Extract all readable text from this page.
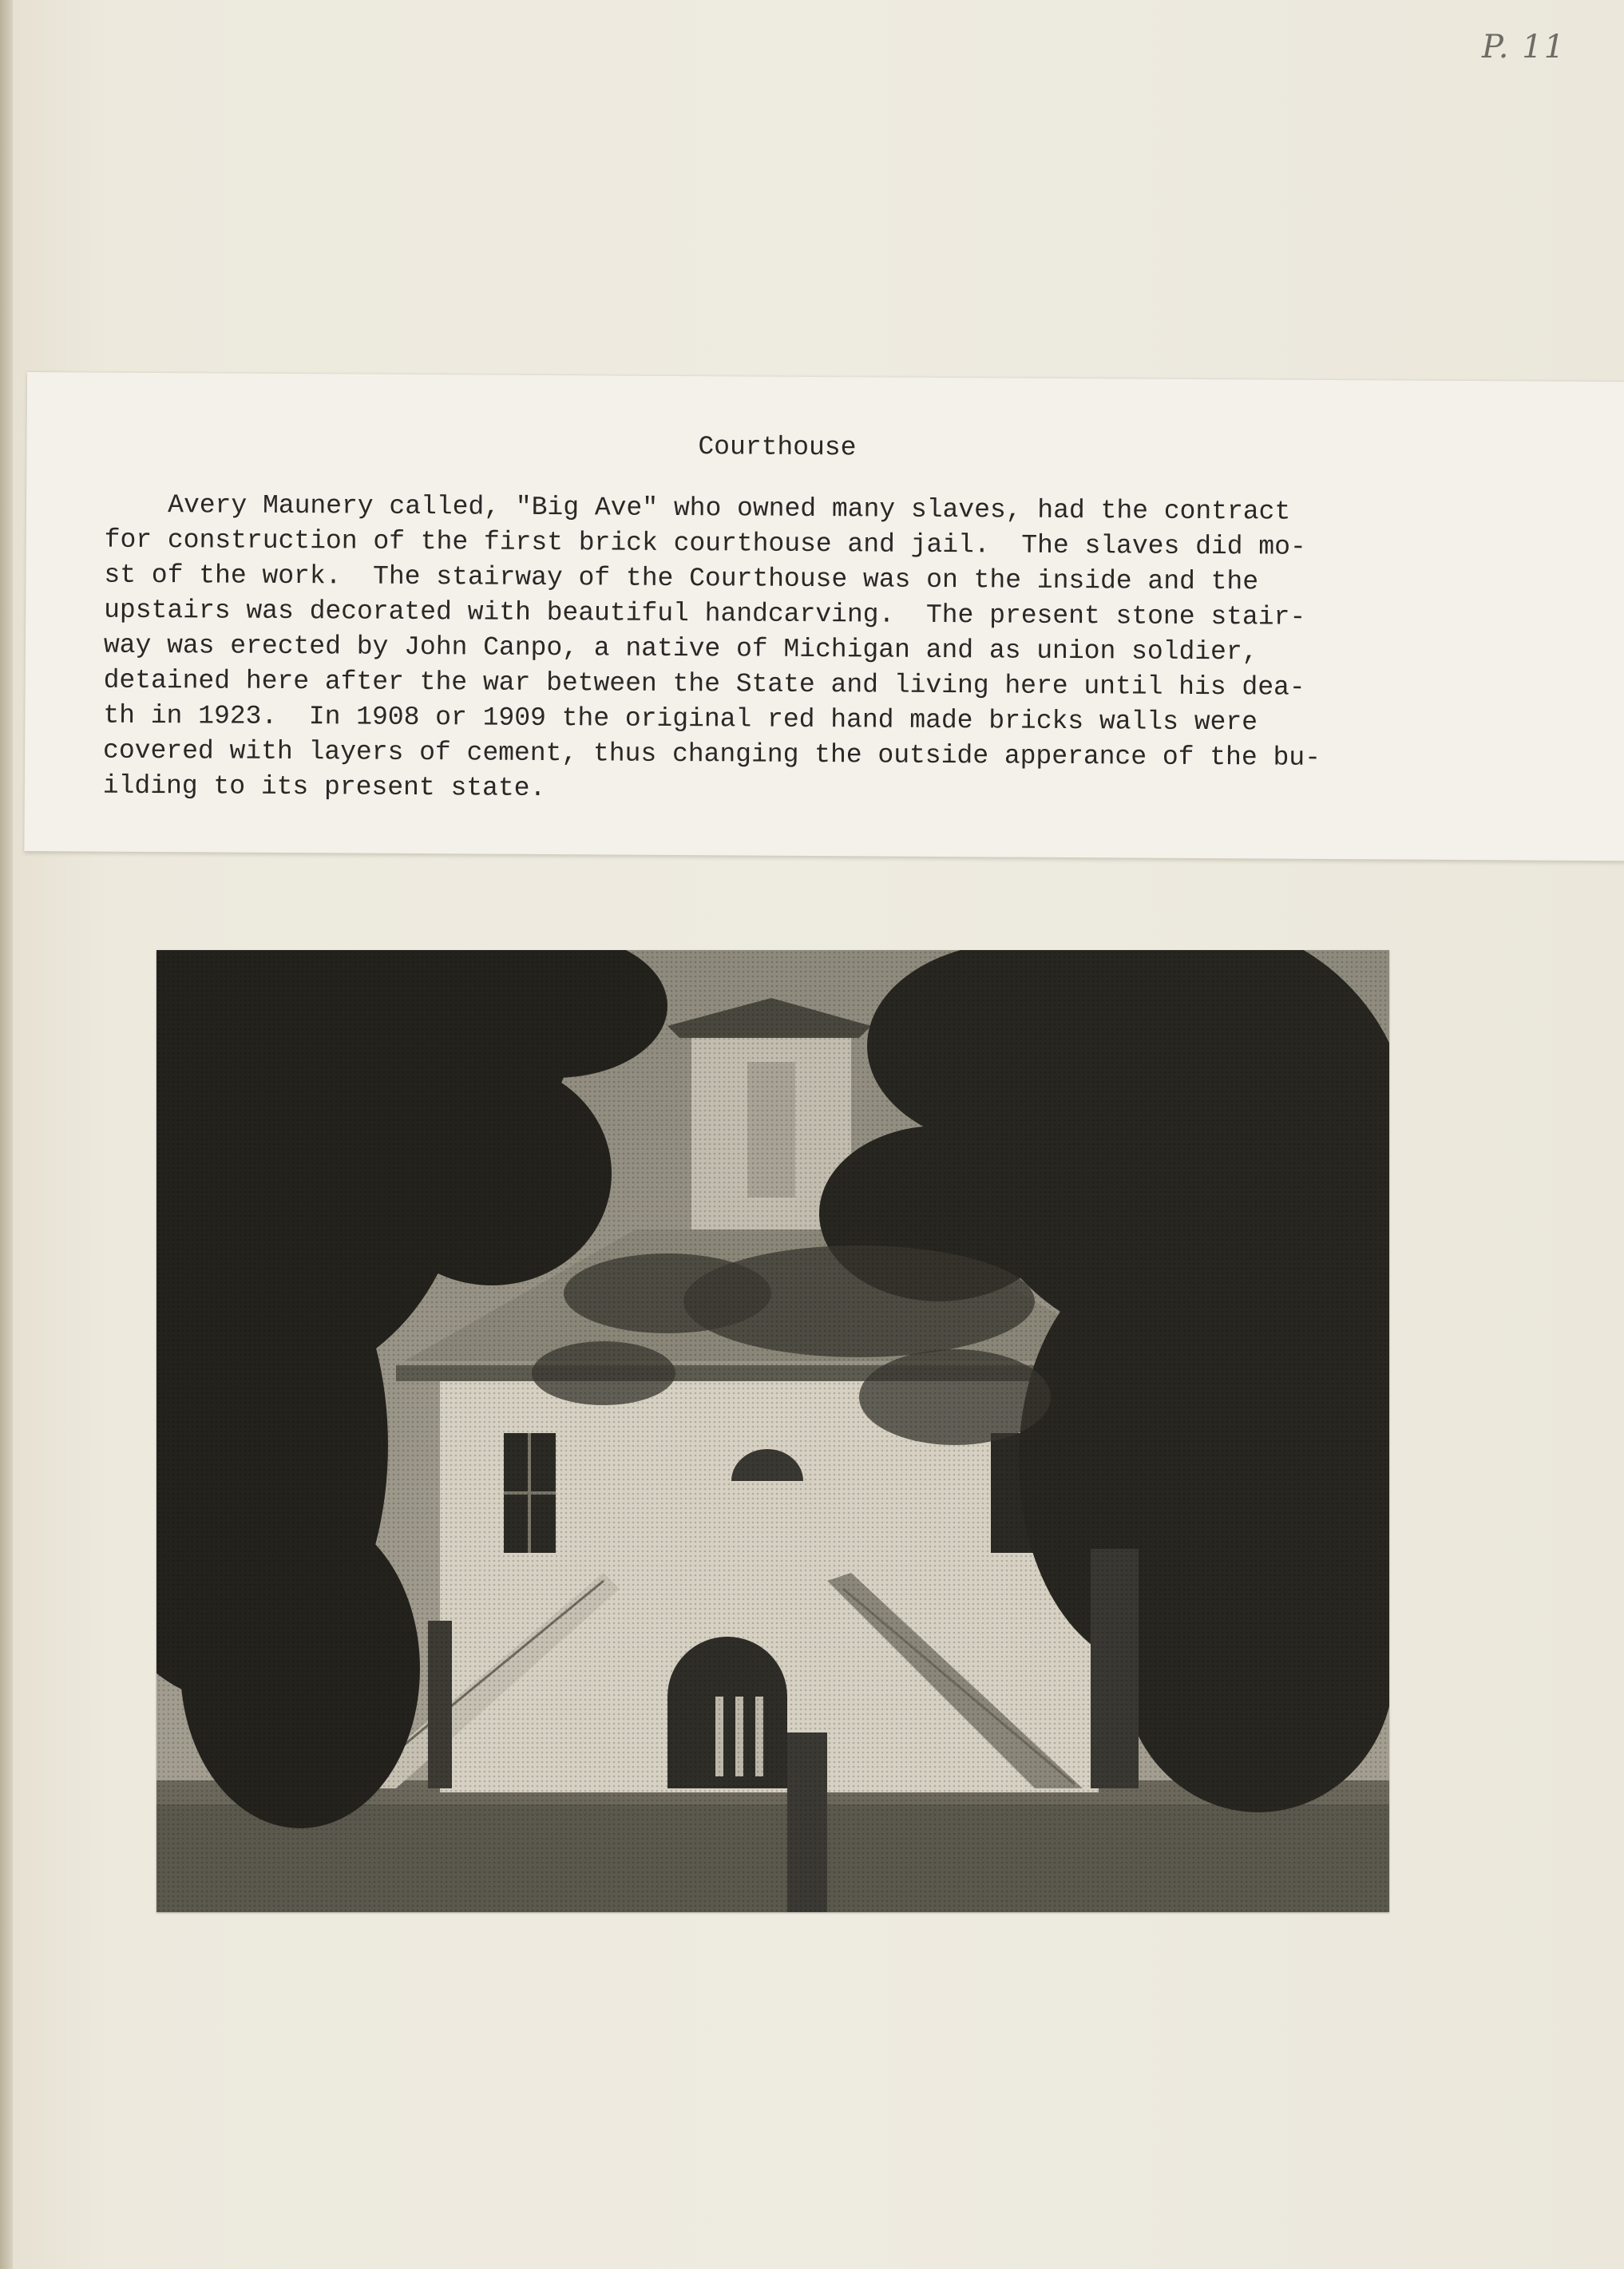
P. 11
Courthouse
Avery Maunery called, "Big Ave" who owned many slaves, had the contract
for construction of the first brick courthouse and jail.  The slaves did mo-
st of the work.  The stairway of the Courthouse was on the inside and the
upstairs was decorated with beautiful handcarving.  The present stone stair-
way was erected by John Canpo, a native of Michigan and as union soldier,
detained here after the war between the State and living here until his dea-
th in 1923.  In 1908 or 1909 the original red hand made bricks walls were
covered with layers of cement, thus changing the outside apperance of the bu-
ilding to its present state.
